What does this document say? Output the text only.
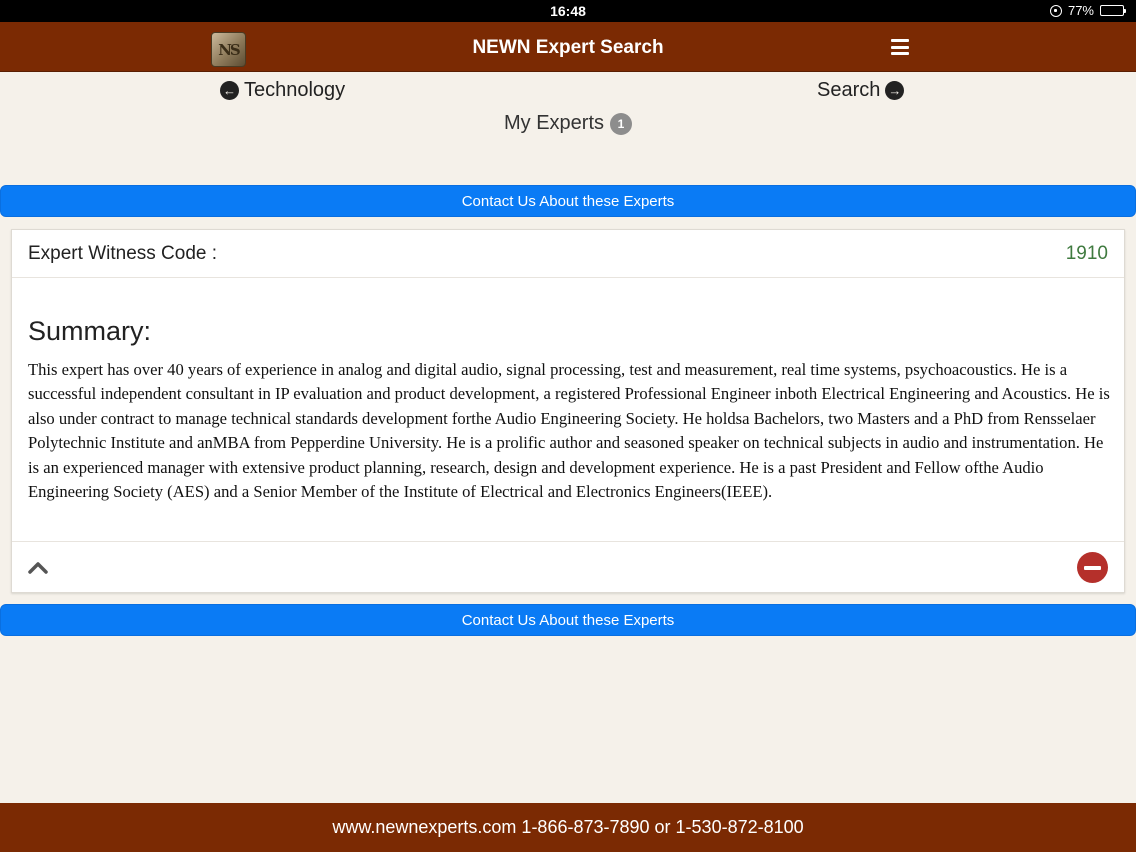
16:48	77%
NS	NEWN Expert Search
← Technology	Search →
My Experts	1
Contact Us About these Experts
Expert Witness Code :	1910
Summary:
This expert has over 40 years of experience in analog and digital audio, signal processing, test and measurement, real time systems, psychoacoustics. He is a successful independent consultant in IP evaluation and product development, a registered Professional Engineer inboth Electrical Engineering and Acoustics. He is also under contract to manage technical standards development forthe Audio Engineering Society. He holdsa Bachelors, two Masters and a PhD from Rensselaer Polytechnic Institute and anMBA from Pepperdine University. He is a prolific author and seasoned speaker on technical subjects in audio and instrumentation. He is an experienced manager with extensive product planning, research, design and development experience. He is a past President and Fellow ofthe Audio Engineering Society (AES) and a Senior Member of the Institute of Electrical and Electronics Engineers(IEEE).
Contact Us About these Experts
www.newnexperts.com 1-866-873-7890 or 1-530-872-8100
